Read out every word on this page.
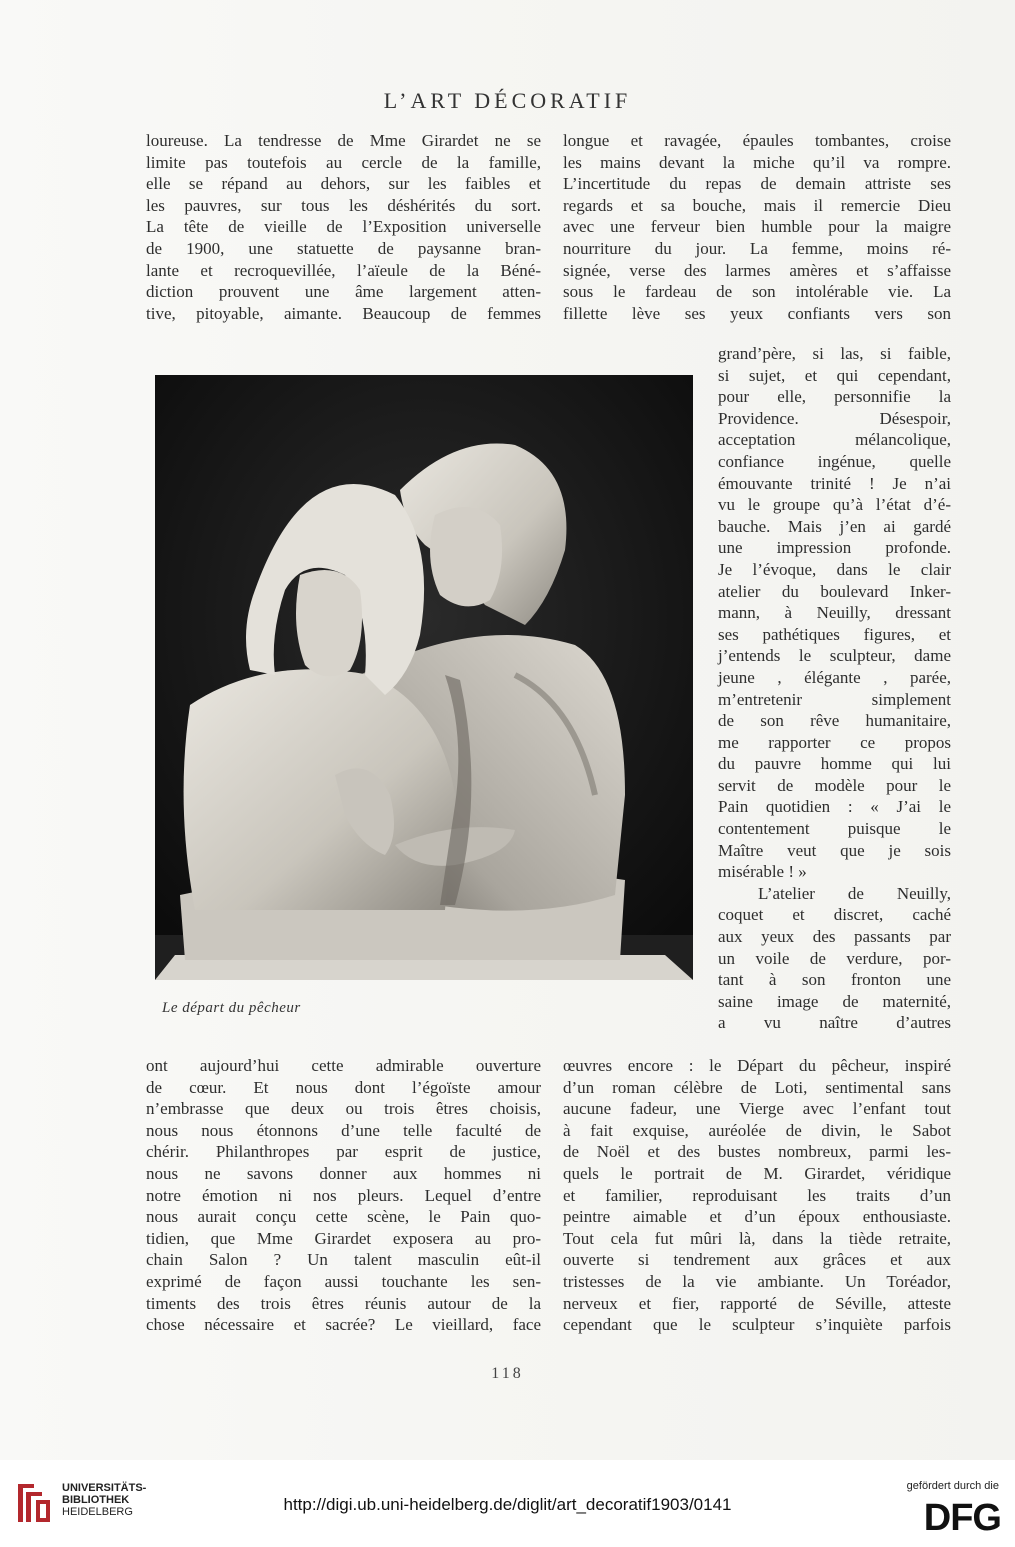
L’ART DÉCORATIF
loureuse. La tendresse de Mme Girardet ne se
limite pas toutefois au cercle de la famille,
elle se répand au dehors, sur les faibles et
les pauvres, sur tous les déshérités du sort.
La tête de vieille de l’Exposition universelle
de 1900, une statuette de paysanne bran-
lante et recroquevillée, l’aïeule de la Béné-
diction prouvent une âme largement atten-
tive, pitoyable, aimante. Beaucoup de femmes
longue et ravagée, épaules tombantes, croise
les mains devant la miche qu’il va rompre.
L’incertitude du repas de demain attriste ses
regards et sa bouche, mais il remercie Dieu
avec une ferveur bien humble pour la maigre
nourriture du jour. La femme, moins ré-
signée, verse des larmes amères et s’affaisse
sous le fardeau de son intolérable vie. La
fillette lève ses yeux confiants vers son
Le départ du pêcheur
grand’père, si las, si faible,
si sujet, et qui cependant,
pour elle, personnifie la
Providence. Désespoir,
acceptation mélancolique,
confiance ingénue, quelle
émouvante trinité ! Je n’ai
vu le groupe qu’à l’état d’é-
bauche. Mais j’en ai gardé
une impression profonde.
Je l’évoque, dans le clair
atelier du boulevard Inker-
mann, à Neuilly, dressant
ses pathétiques figures, et
j’entends le sculpteur, dame
jeune , élégante , parée,
m’entretenir simplement
de son rêve humanitaire,
me rapporter ce propos
du pauvre homme qui lui
servit de modèle pour le
Pain quotidien : « J’ai le
contentement puisque le
Maître veut que je sois
misérable ! »
L’atelier de Neuilly,
coquet et discret, caché
aux yeux des passants par
un voile de verdure, por-
tant à son fronton une
saine image de maternité,
a vu naître d’autres
ont aujourd’hui cette admirable ouverture
de cœur. Et nous dont l’égoïste amour
n’embrasse que deux ou trois êtres choisis,
nous nous étonnons d’une telle faculté de
chérir. Philanthropes par esprit de justice,
nous ne savons donner aux hommes ni
notre émotion ni nos pleurs. Lequel d’entre
nous aurait conçu cette scène, le Pain quo-
tidien, que Mme Girardet exposera au pro-
chain Salon ? Un talent masculin eût-il
exprimé de façon aussi touchante les sen-
timents des trois êtres réunis autour de la
chose nécessaire et sacrée? Le vieillard, face
œuvres encore : le Départ du pêcheur, inspiré
d’un roman célèbre de Loti, sentimental sans
aucune fadeur, une Vierge avec l’enfant tout
à fait exquise, auréolée de divin, le Sabot
de Noël et des bustes nombreux, parmi les-
quels le portrait de M. Girardet, véridique
et familier, reproduisant les traits d’un
peintre aimable et d’un époux enthousiaste.
Tout cela fut mûri là, dans la tiède retraite,
ouverte si tendrement aux grâces et aux
tristesses de la vie ambiante. Un Toréador,
nerveux et fier, rapporté de Séville, atteste
cependant que le sculpteur s’inquiète parfois
118
UNIVERSITÄTS-
BIBLIOTHEK
HEIDELBERG	http://digi.ub.uni-heidelberg.de/diglit/art_decoratif1903/0141
gefördert durch die
DFG
